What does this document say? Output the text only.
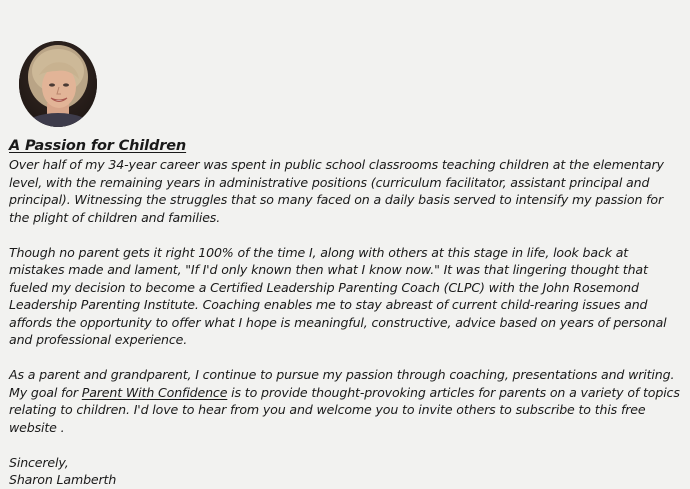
A Passion for Children

Over half of my 34-year career was spent in public school classrooms teaching children at the elementary level, with the remaining years in administrative positions (curriculum facilitator, assistant principal and principal). Witnessing the struggles that so many faced on a daily basis served to intensify my passion for the plight of children and families.

Though no parent gets it right 100% of the time I, along with others at this stage in life, look back at mistakes made and lament, "If I'd only known then what I know now." It was that lingering thought that fueled my decision to become a Certified Leadership Parenting Coach (CLPC) with the John Rosemond Leadership Parenting Institute. Coaching enables me to stay abreast of current child-rearing issues and affords the opportunity to offer what I hope is meaningful, constructive, advice based on years of personal and professional experience.

As a parent and grandparent, I continue to pursue my passion through coaching, presentations and writing. My goal for Parent With Confidence is to provide thought-provoking articles for parents on a variety of topics relating to children. I'd love to hear from you and welcome you to invite others to subscribe to this free website .

Sincerely,
Sharon Lamberth
